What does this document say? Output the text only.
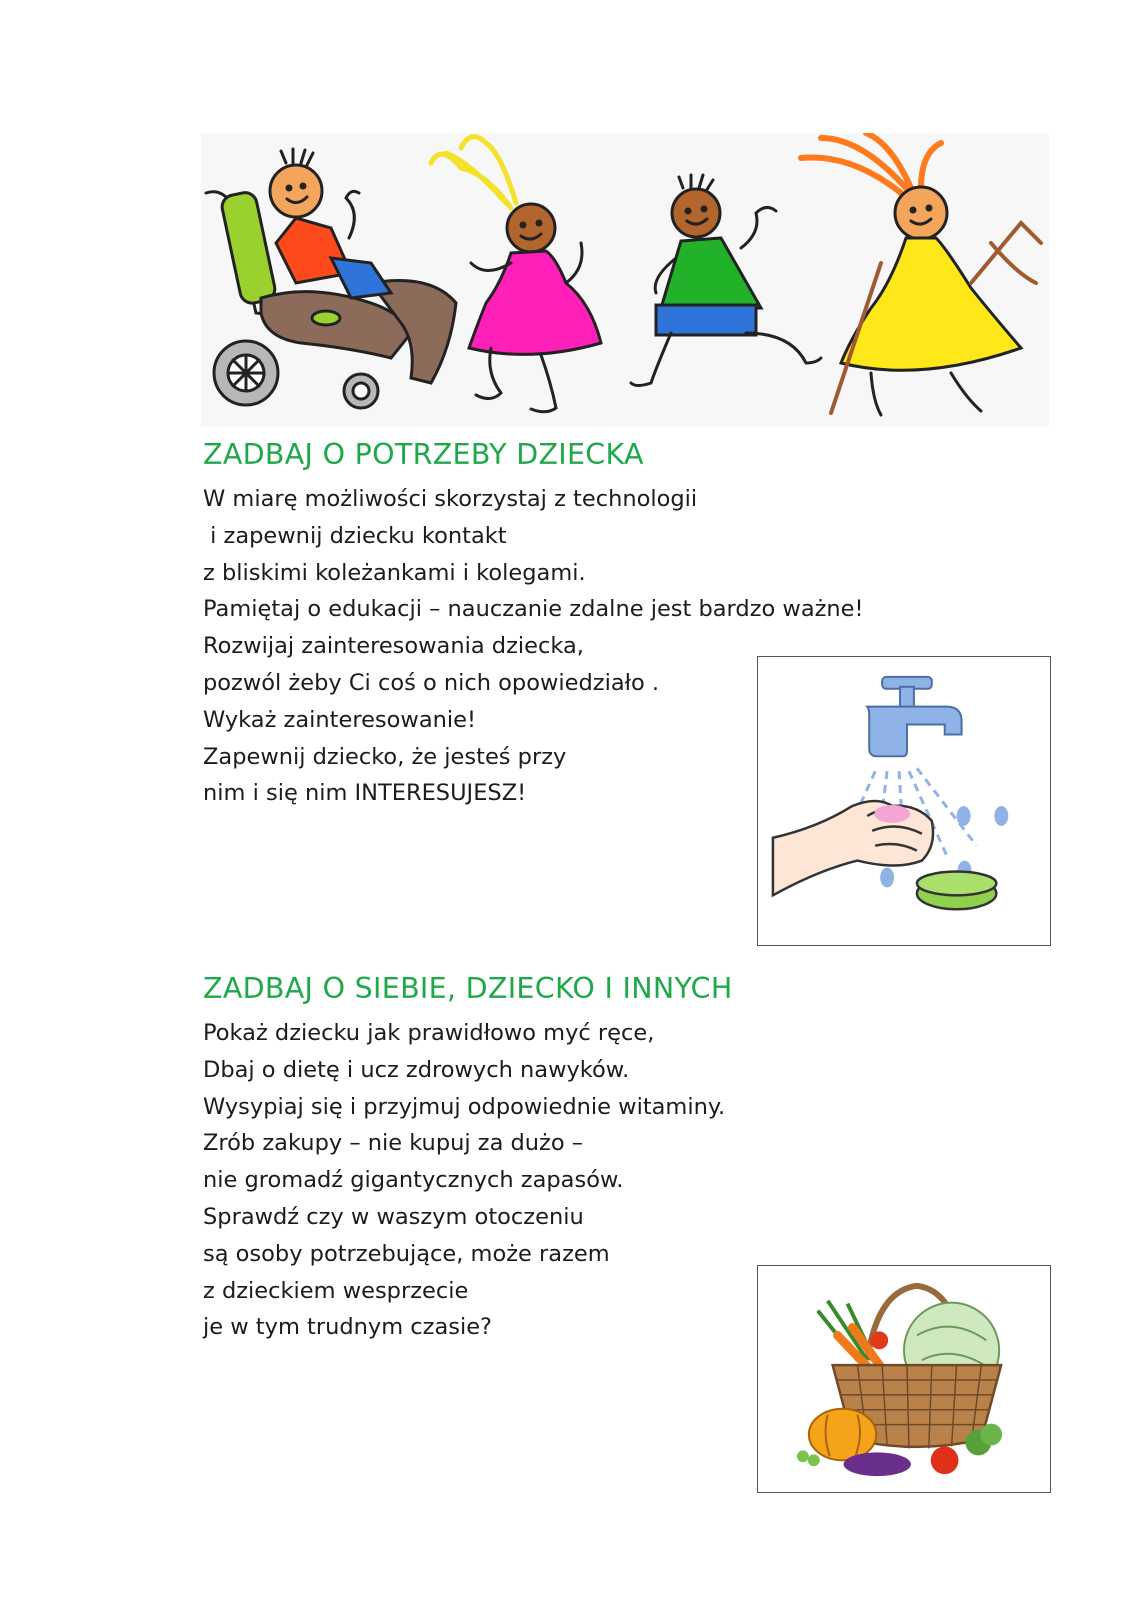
ZADBAJ O POTRZEBY DZIECKA
W miarę możliwości skorzystaj z technologii
i zapewnij dziecku kontakt
z bliskimi koleżankami i kolegami.
Pamiętaj o edukacji – nauczanie zdalne jest bardzo ważne!
Rozwijaj zainteresowania dziecka,
pozwól żeby Ci coś o nich opowiedziało .
Wykaż zainteresowanie!
Zapewnij dziecko, że jesteś przy
nim i się nim INTERESUJESZ!
ZADBAJ O SIEBIE, DZIECKO I INNYCH
Pokaż dziecku jak prawidłowo myć ręce,
Dbaj o dietę i ucz zdrowych nawyków.
Wysypiaj się i przyjmuj odpowiednie witaminy.
Zrób zakupy – nie kupuj za dużo –
nie gromadź gigantycznych zapasów.
Sprawdź czy w waszym otoczeniu
są osoby potrzebujące, może razem
z dzieckiem wesprzecie
je w tym trudnym czasie?
